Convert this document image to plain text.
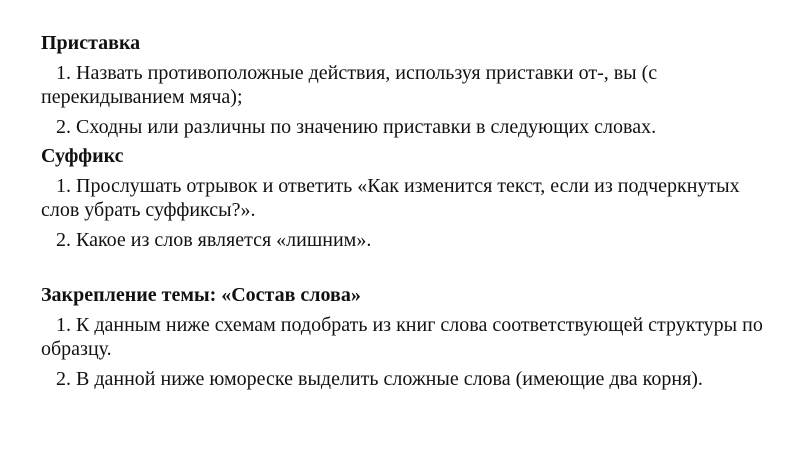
Приставка

1. Назвать противоположные действия, используя приставки от-, вы (с перекидыванием мяча);

2. Сходны или различны по значению приставки в следующих словах.

Суффикс

1. Прослушать отрывок и ответить «Как изменится текст, если из подчеркнутых слов убрать суффиксы?».

2. Какое из слов является «лишним».

Закрепление темы: «Состав слова»

1. К данным ниже схемам подобрать из книг слова соответствующей структуры по образцу.

2. В данной ниже юмореске выделить сложные слова (имеющие два корня).
